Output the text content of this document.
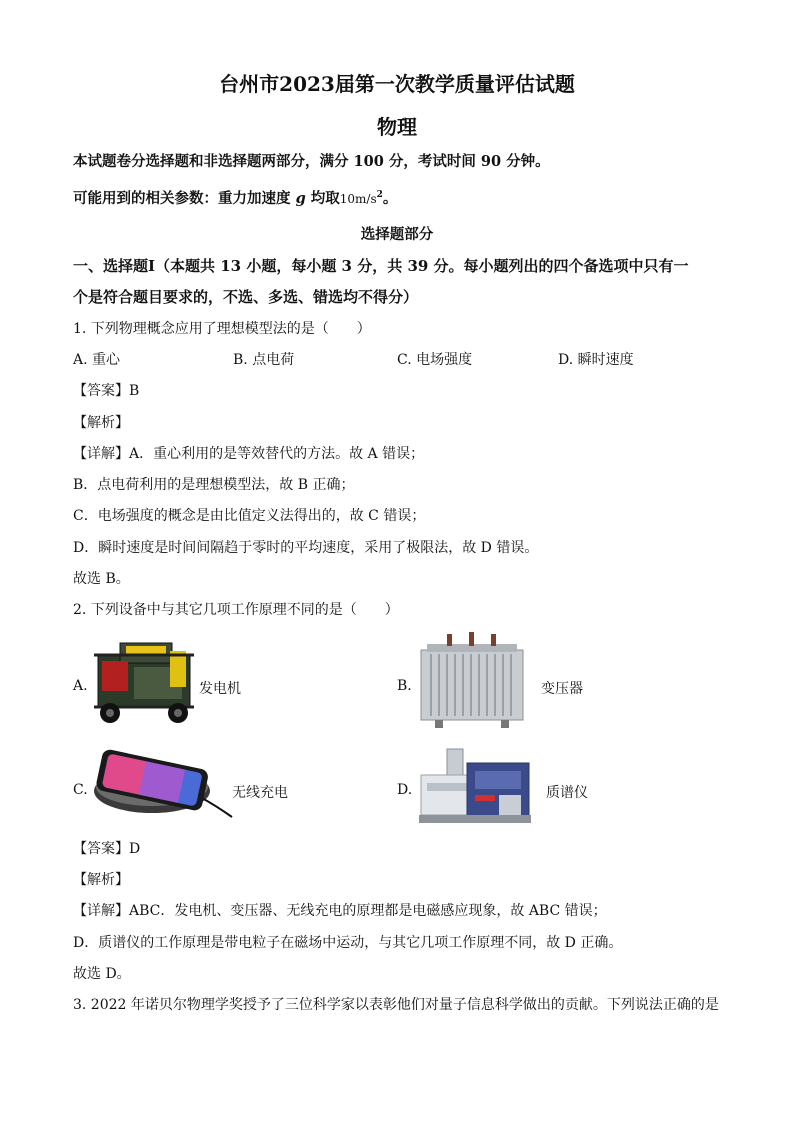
台州市2023届第一次教学质量评估试题
物理
本试题卷分选择题和非选择题两部分，满分 100 分，考试时间 90 分钟。
可能用到的相关参数：重力加速度 g 均取$10m/s^2$。
选择题部分
一、选择题Ⅰ（本题共 13 小题，每小题 3 分，共 39 分。每小题列出的四个备选项中只有一
个是符合题目要求的，不选、多选、错选均不得分）
1. 下列物理概念应用了理想模型法的是（　　）
A. 重心	B. 点电荷	C. 电场强度	D. 瞬时速度
【答案】B
【解析】
【详解】A．重心利用的是等效替代的方法。故 A 错误；
B．点电荷利用的是理想模型法，故 B 正确；
C．电场强度的概念是由比值定义法得出的，故 C 错误；
D．瞬时速度是时间间隔趋于零时的平均速度，采用了极限法，故 D 错误。
故选 B。
2. 下列设备中与其它几项工作原理不同的是（　　）
A.	发电机	B.	变压器
C.	无线充电	D.	质谱仪
【答案】D
【解析】
【详解】ABC．发电机、变压器、无线充电的原理都是电磁感应现象，故 ABC 错误；
D．质谱仪的工作原理是带电粒子在磁场中运动，与其它几项工作原理不同，故 D 正确。
故选 D。
3. 2022 年诺贝尔物理学奖授予了三位科学家以表彰他们对量子信息科学做出的贡献。下列说法正确的是
